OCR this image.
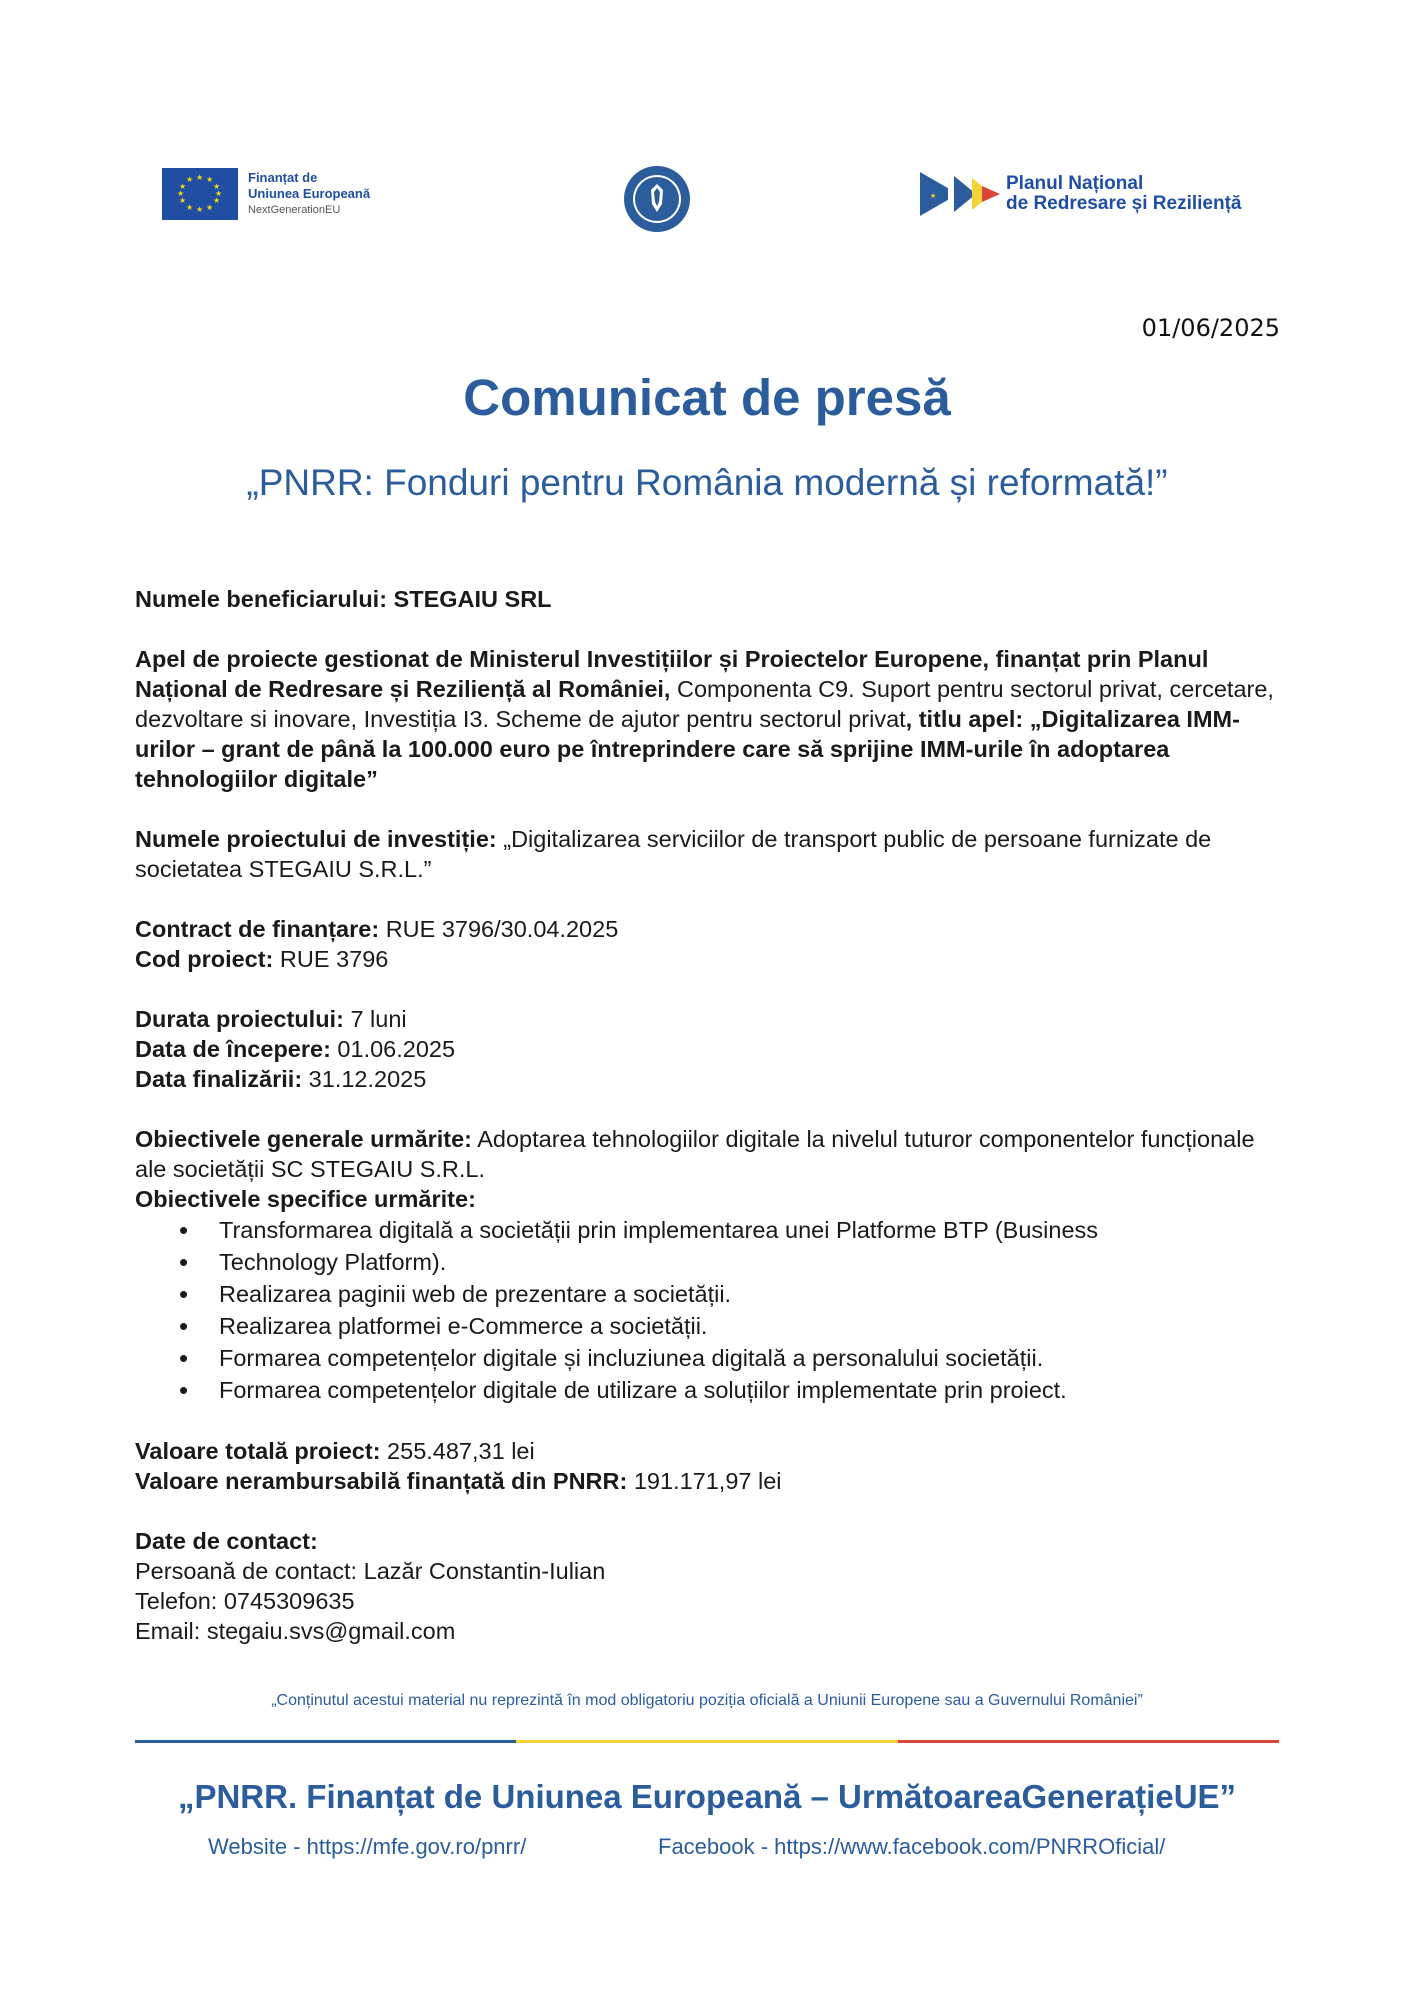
★ ★
★
★
★
★
★
★
★
★
★
★	Finanțat de
Uniunea Europeană
NextGenerationEU
★
Planul Național
de Redresare și Reziliență
01/06/2025
Comunicat de presă
„PNRR: Fonduri pentru România modernă și reformată!”

Numele beneficiarului: STEGAIU SRL

Apel de proiecte gestionat de Ministerul Investițiilor și Proiectelor Europene, finanțat prin Planul Național de Redresare și Reziliență al României, Componenta C9. Suport pentru sectorul privat, cercetare, dezvoltare si inovare, Investiția I3. Scheme de ajutor pentru sectorul privat, titlu apel: „Digitalizarea IMM-urilor – grant de până la 100.000 euro pe întreprindere care să sprijine IMM-urile în adoptarea tehnologiilor digitale”

Numele proiectului de investiție: „Digitalizarea serviciilor de transport public de persoane furnizate de societatea STEGAIU S.R.L.”

Contract de finanțare: RUE 3796/30.04.2025

Cod proiect: RUE 3796

Durata proiectului: 7 luni

Data de începere: 01.06.2025

Data finalizării: 31.12.2025

Obiectivele generale urmărite: Adoptarea tehnologiilor digitale la nivelul tuturor componentelor funcționale ale societății SC STEGAIU S.R.L.

Obiectivele specifice urmărite:

• Transformarea digitală a societății prin implementarea unei Platforme BTP (Business
• Technology Platform).
• Realizarea paginii web de prezentare a societății.
• Realizarea platformei e-Commerce a societății.
• Formarea competențelor digitale și incluziunea digitală a personalului societății.
• Formarea competențelor digitale de utilizare a soluțiilor implementate prin proiect.

Valoare totală proiect: 255.487,31 lei

Valoare nerambursabilă finanțată din PNRR: 191.171,97 lei

Date de contact:

Persoană de contact: Lazăr Constantin-Iulian

Telefon: 0745309635

Email: stegaiu.svs@gmail.com

„Conținutul acestui material nu reprezintă în mod obligatoriu poziția oficială a Uniunii Europene sau a Guvernului României”
„PNRR. Finanțat de Uniunea Europeană – UrmătoareaGenerațieUE”
Website - https://mfe.gov.ro/pnrr/	Facebook - https://www.facebook.com/PNRROficial/
